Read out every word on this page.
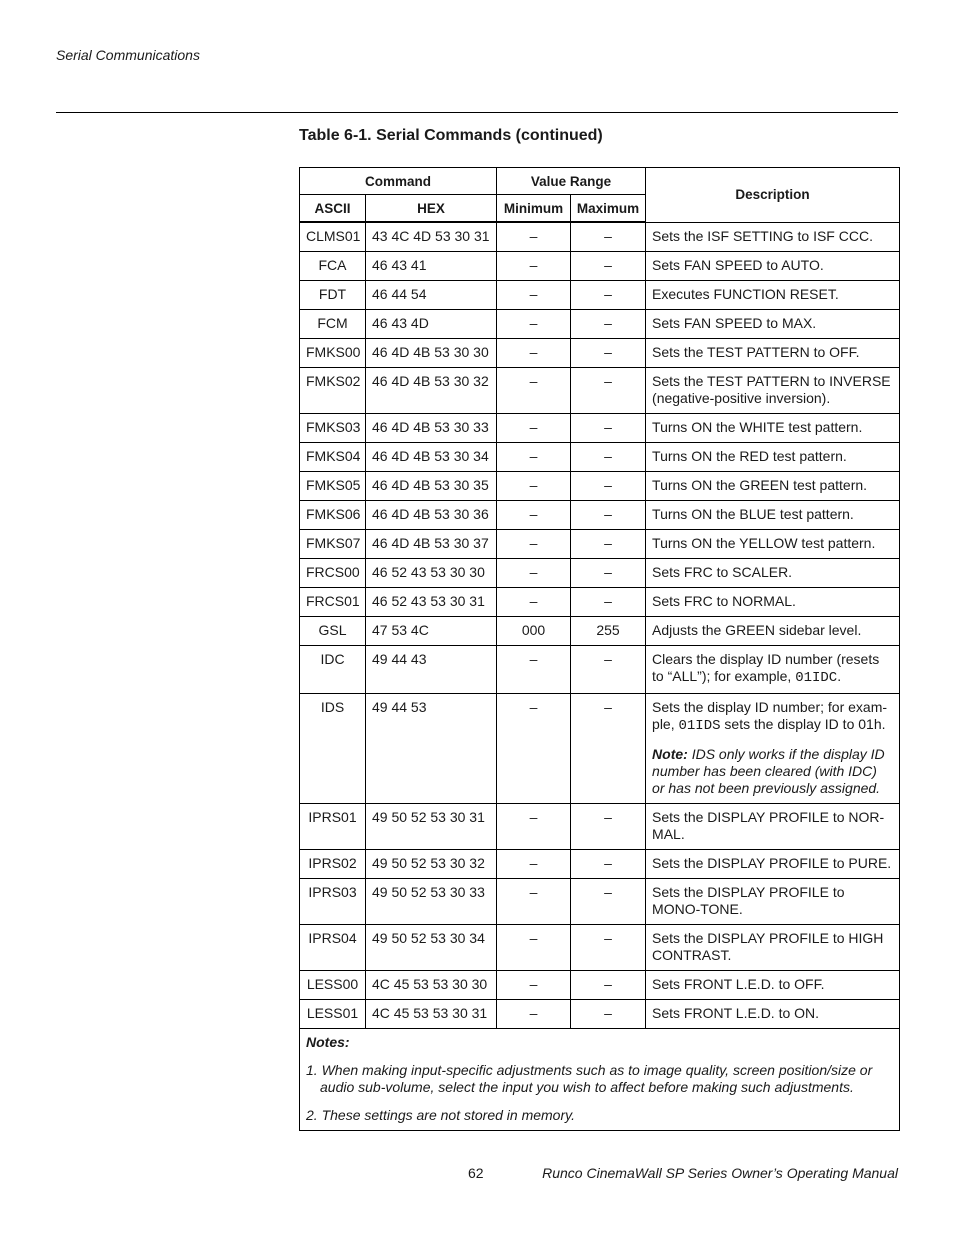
Serial Communications
Table 6-1. Serial Commands (continued)
Command		Value Range		Description
ASCII	HEX	Minimum	Maximum	
CLMS01	43 4C 4D 53 30 31	–	–	Sets the ISF SETTING to ISF CCC.
FCA	46 43 41	–	–	Sets FAN SPEED to AUTO.
FDT	46 44 54	–	–	Executes FUNCTION RESET.
FCM	46 43 4D	–	–	Sets FAN SPEED to MAX.
FMKS00	46 4D 4B 53 30 30	–	–	Sets the TEST PATTERN to OFF.
FMKS02	46 4D 4B 53 30 32	–	–	Sets the TEST PATTERN to INVERSE (negative-positive inversion).
FMKS03	46 4D 4B 53 30 33	–	–	Turns ON the WHITE test pattern.
FMKS04	46 4D 4B 53 30 34	–	–	Turns ON the RED test pattern.
FMKS05	46 4D 4B 53 30 35	–	–	Turns ON the GREEN test pattern.
FMKS06	46 4D 4B 53 30 36	–	–	Turns ON the BLUE test pattern.
FMKS07	46 4D 4B 53 30 37	–	–	Turns ON the YELLOW test pattern.
FRCS00	46 52 43 53 30 30	–	–	Sets FRC to SCALER.
FRCS01	46 52 43 53 30 31	–	–	Sets FRC to NORMAL.
GSL	47 53 4C	000	255	Adjusts the GREEN sidebar level.
IDC	49 44 43	–	–	Clears the display ID number (resets to “ALL”); for example, 01IDC.
IDS	49 44 53	–	–	Sets the display ID number; for exam-ple, 01IDS sets the display ID to 01h.
Note: IDS only works if the display ID number has been cleared (with IDC) or has not been previously assigned.

IPRS01	49 50 52 53 30 31	–	–	Sets the DISPLAY PROFILE to NOR-MAL.
IPRS02	49 50 52 53 30 32	–	–	Sets the DISPLAY PROFILE to PURE.
IPRS03	49 50 52 53 30 33	–	–	Sets the DISPLAY PROFILE to MONO-TONE.
IPRS04	49 50 52 53 30 34	–	–	Sets the DISPLAY PROFILE to HIGH CONTRAST.
LESS00	4C 45 53 53 30 30	–	–	Sets FRONT L.E.D. to OFF.
LESS01	4C 45 53 53 30 31	–	–	Sets FRONT L.E.D. to ON.

Notes:
1. When making input-specific adjustments such as to image quality, screen position/size or audio sub-volume, select the input you wish to affect before making such adjustments.
2. These settings are not stored in memory.				
62	Runco CinemaWall SP Series Owner’s Operating Manual
